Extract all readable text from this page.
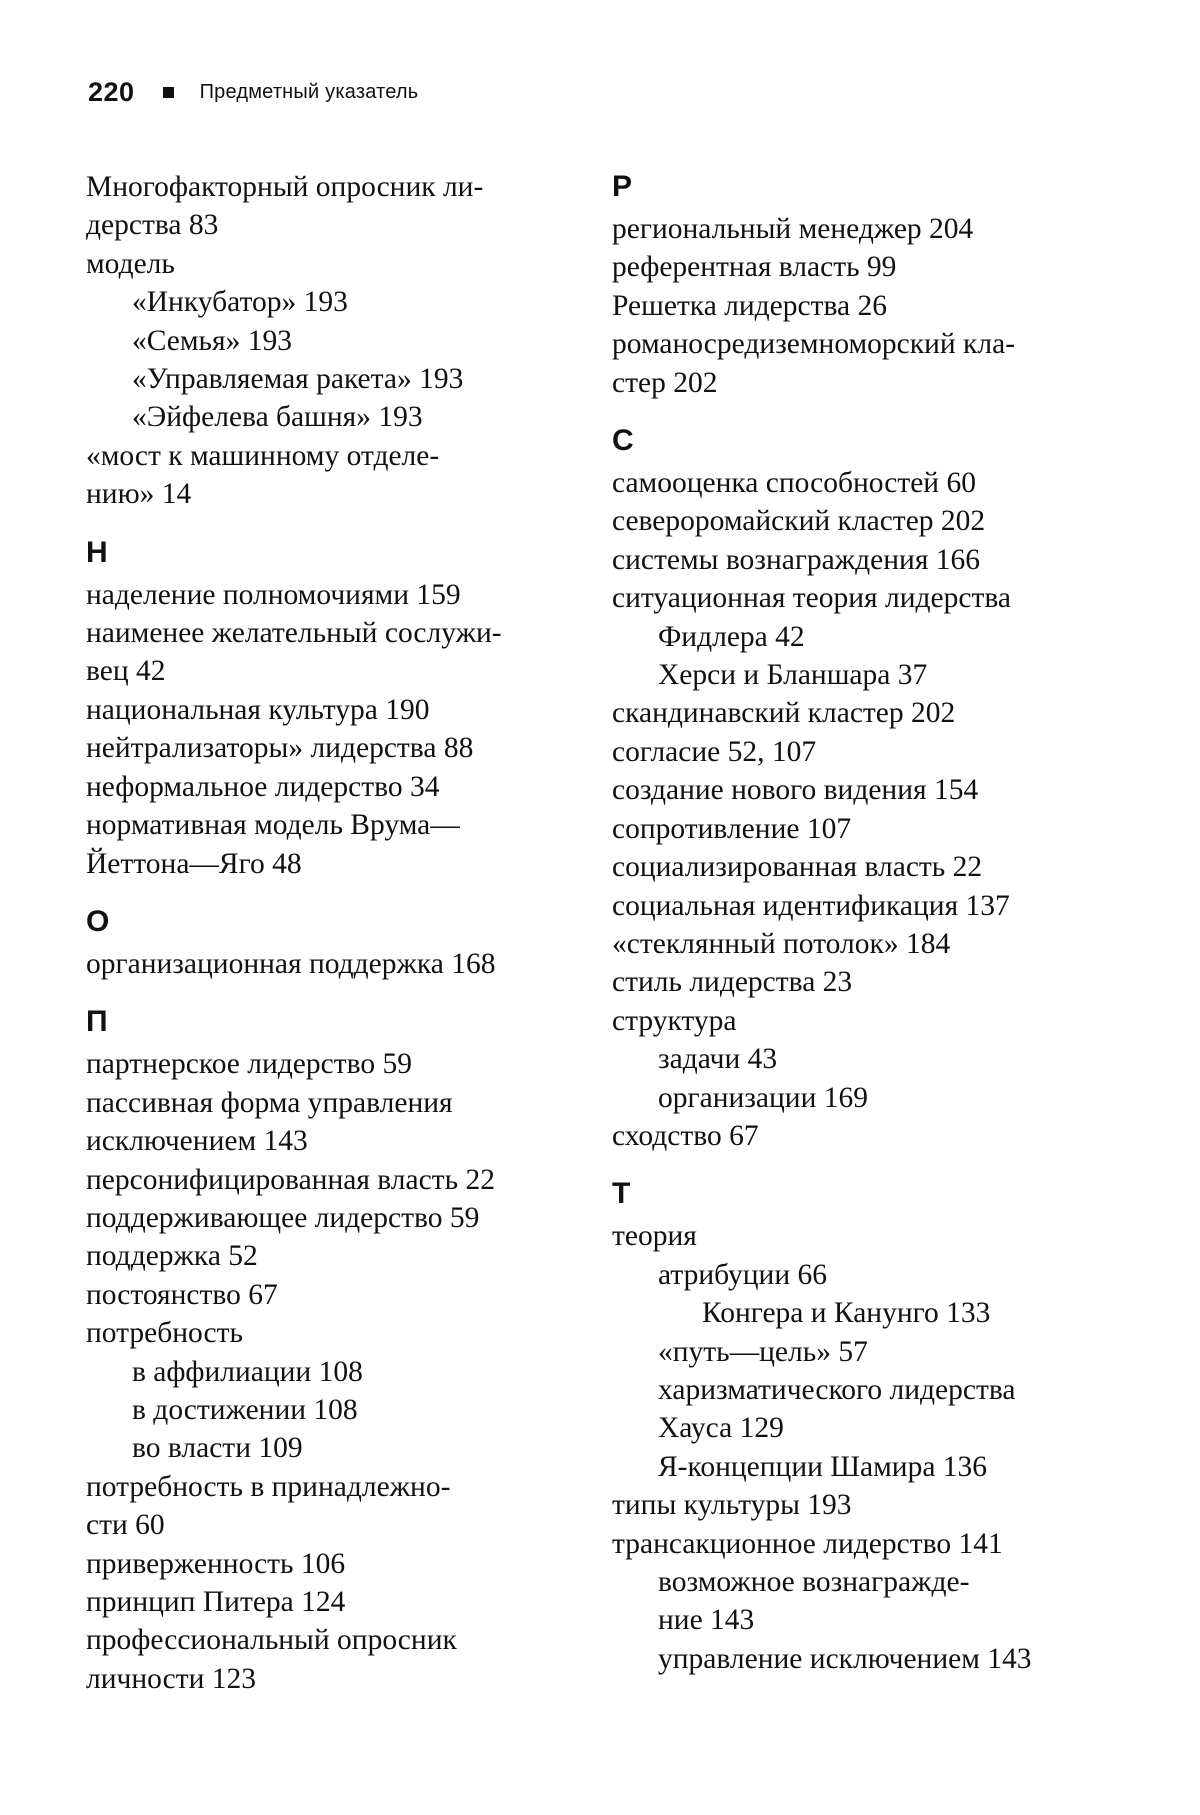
220	Предметный указатель

Многофакторный опросник ли-
дерства 83

модель

«Инкубатор» 193

«Семья» 193

«Управляемая ракета» 193

«Эйфелева башня» 193

«мост к машинному отделе-
нию» 14

Н

наделение полномочиями 159

наименее желательный сослужи-
вец 42

национальная культура 190

нейтрализаторы» лидерства 88

неформальное лидерство 34

нормативная модель Врума—
Йеттона—Яго 48

О

организационная поддержка 168

П

партнерское лидерство 59

пассивная форма управления
исключением 143

персонифицированная власть 22

поддерживающее лидерство 59

поддержка 52

постоянство 67

потребность

в аффилиации 108

в достижении 108

во власти 109

потребность в принадлежно-
сти 60

приверженность 106

принцип Питера 124

профессиональный опросник
личности 123

Р

региональный менеджер 204

референтная власть 99

Решетка лидерства 26

романосредиземноморский кла-
стер 202

С

самооценка способностей 60

североромайский кластер 202

системы вознаграждения 166

ситуационная теория лидерства

Фидлера 42

Херси и Бланшара 37

скандинавский кластер 202

согласие 52, 107

создание нового видения 154

сопротивление 107

социализированная власть 22

социальная идентификация 137

«стеклянный потолок» 184

стиль лидерства 23

структура

задачи 43

организации 169

сходство 67

Т

теория

атрибуции 66

Конгера и Канунго 133

«путь—цель» 57

харизматического лидерства
Хауса 129

Я-концепции Шамира 136

типы культуры 193

трансакционное лидерство 141

возможное вознагражде-
ние 143

управление исключением 143
